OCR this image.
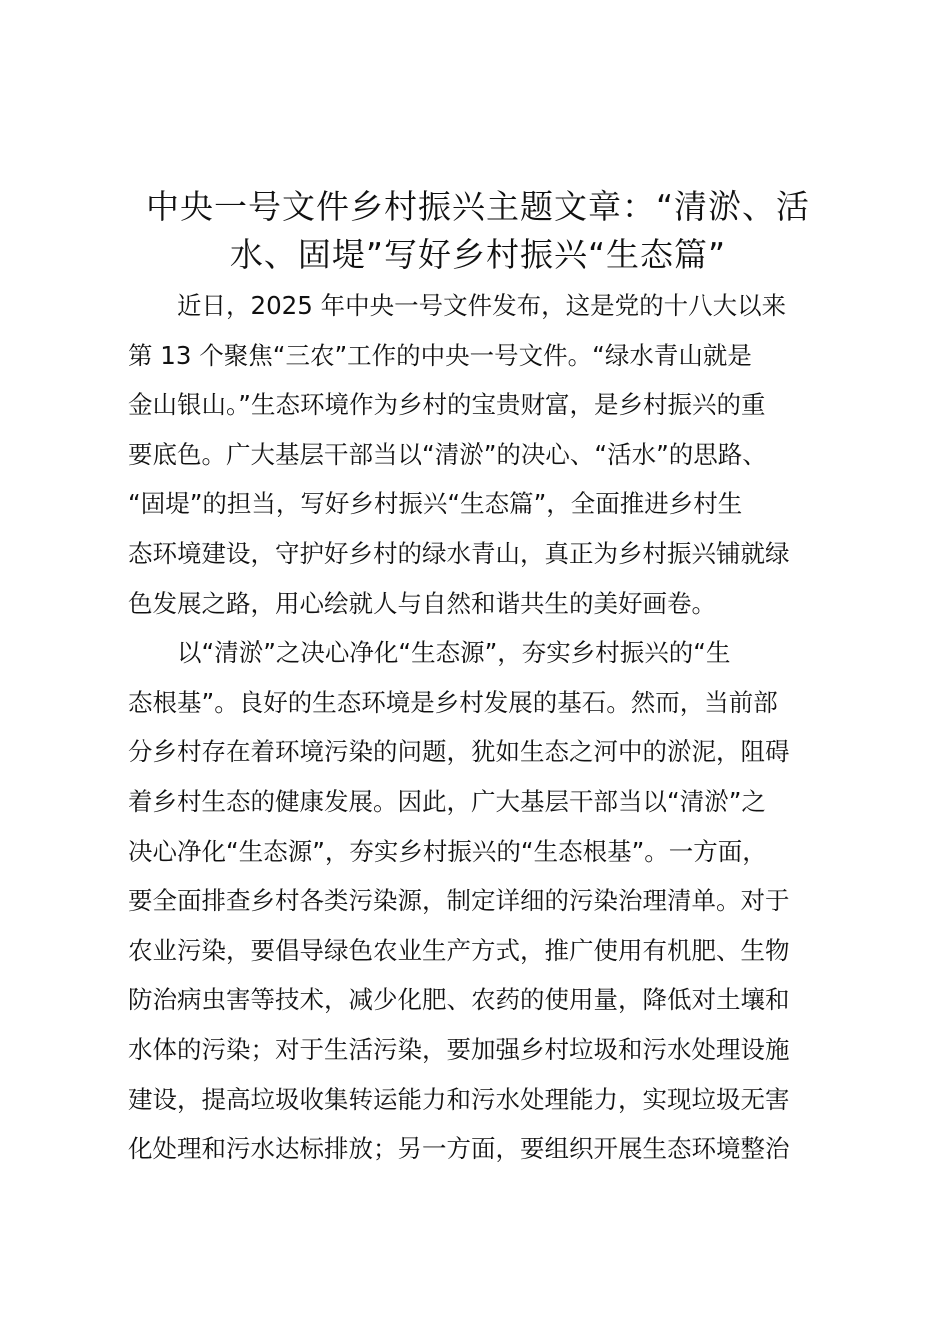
中央一号文件乡村振兴主题文章：“清淤、活
水、固堤”写好乡村振兴“生态篇”
近日，2025 年中央一号文件发布，这是党的十八大以来
第 13 个聚焦“三农”工作的中央一号文件。“绿水青山就是
金山银山。”生态环境作为乡村的宝贵财富，是乡村振兴的重
要底色。广大基层干部当以“清淤”的决心、“活水”的思路、
“固堤”的担当，写好乡村振兴“生态篇”，全面推进乡村生
态环境建设，守护好乡村的绿水青山，真正为乡村振兴铺就绿
色发展之路，用心绘就人与自然和谐共生的美好画卷。
以“清淤”之决心净化“生态源”，夯实乡村振兴的“生
态根基”。良好的生态环境是乡村发展的基石。然而，当前部
分乡村存在着环境污染的问题，犹如生态之河中的淤泥，阻碍
着乡村生态的健康发展。因此，广大基层干部当以“清淤”之
决心净化“生态源”，夯实乡村振兴的“生态根基”。一方面，
要全面排查乡村各类污染源，制定详细的污染治理清单。对于
农业污染，要倡导绿色农业生产方式，推广使用有机肥、生物
防治病虫害等技术，减少化肥、农药的使用量，降低对土壤和
水体的污染；对于生活污染，要加强乡村垃圾和污水处理设施
建设，提高垃圾收集转运能力和污水处理能力，实现垃圾无害
化处理和污水达标排放；另一方面，要组织开展生态环境整治
